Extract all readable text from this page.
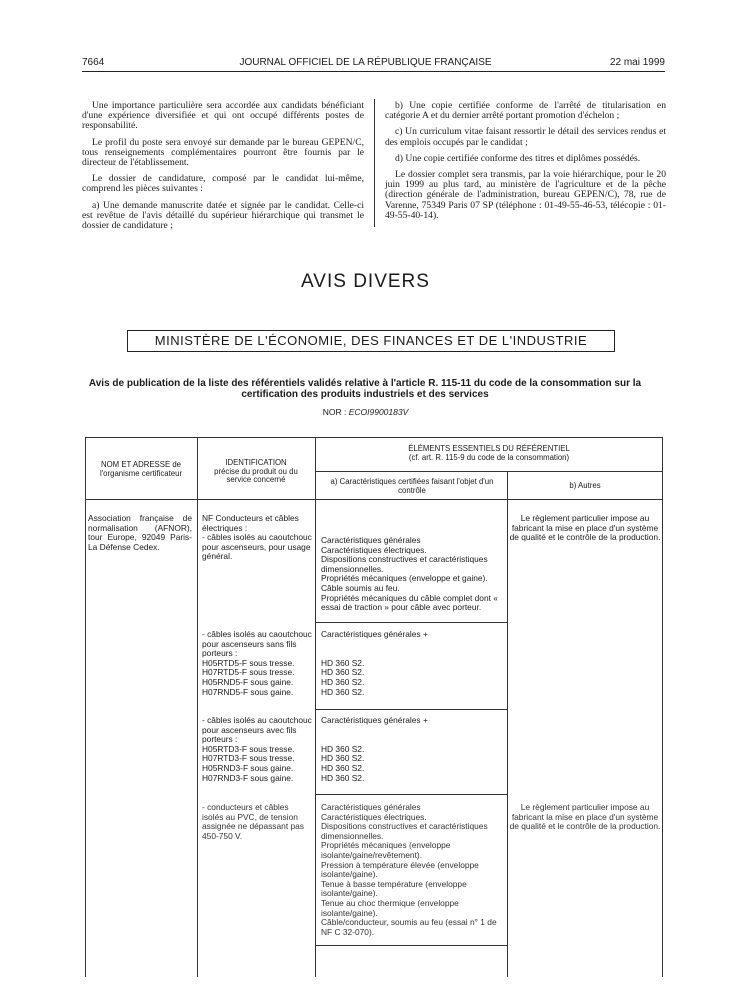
7664	JOURNAL OFFICIEL DE LA RÉPUBLIQUE FRANÇAISE	22 mai 1999

Une importance particulière sera accordée aux candidats bénéficiant d'une expérience diversifiée et qui ont occupé différents postes de responsabilité.

Le profil du poste sera envoyé sur demande par le bureau GEPEN/C, tous renseignements complémentaires pourront être fournis par le directeur de l'établissement.

Le dossier de candidature, composé par le candidat lui-même, comprend les pièces suivantes :

a) Une demande manuscrite datée et signée par le candidat. Celle-ci est revêtue de l'avis détaillé du supérieur hiérarchique qui transmet le dossier de candidature ;

b) Une copie certifiée conforme de l'arrêté de titularisation en catégorie A et du dernier arrêté portant promotion d'échelon ;

c) Un curriculum vitae faisant ressortir le détail des services rendus et des emplois occupés par le candidat ;

d) Une copie certifiée conforme des titres et diplômes possédés.

Le dossier complet sera transmis, par la voie hiérarchique, pour le 20 juin 1999 au plus tard, au ministère de l'agriculture et de la pêche (direction générale de l'administration, bureau GEPEN/C), 78, rue de Varenne, 75349 Paris 07 SP (téléphone : 01-49-55-46-53, télécopie : 01-49-55-40-14).

AVIS DIVERS
MINISTÈRE DE L'ÉCONOMIE, DES FINANCES ET DE L'INDUSTRIE
Avis de publication de la liste des référentiels validés relative à l'article R. 115-11 du code de la consommation sur la certification des produits industriels et des services
NOR : ECOI9900183V
NOM ET ADRESSE de l'organisme certificateur
IDENTIFICATION
précise du produit ou du service concerné
ÉLÉMENTS ESSENTIELS DU RÉFÉRENTIEL
(cf. art. R. 115-9 du code de la consommation)
a) Caractéristiques certifiées faisant l'objet d'un contrôle
b) Autres
Association française de normalisation (AFNOR), tour Europe, 92049 Paris-La Défense Cedex.
Le règlement particulier impose au fabricant la mise en place d'un système de qualité et le contrôle de la production.
Le règlement particulier impose au fabricant la mise en place d'un système de qualité et le contrôle de la production.
NF Conducteurs et câbles électriques :
- câbles isolés au caoutchouc pour ascenseurs, pour usage général.
Caractéristiques générales
Caractéristiques électriques.
Dispositions constructives et caractéristiques dimensionnelles.
Propriétés mécaniques (enveloppe et gaine).
Câble soumis au feu.
Propriétés mécaniques du câble complet dont « essai de traction » pour câble avec porteur.
- câbles isolés au caoutchouc pour ascenseurs sans fils porteurs :
H05RTD5-F sous tresse.
H07RTD5-F sous tresse.
H05RND5-F sous gaine.
H07RND5-F sous gaine.
Caractéristiques générales +
HD 360 S2.
HD 360 S2.
HD 360 S2.
HD 360 S2.
- câbles isolés au caoutchouc pour ascenseurs avec fils porteurs :
H05RTD3-F sous tresse.
H07RTD3-F sous tresse.
H05RND3-F sous gaine.
H07RND3-F sous gaine.
Caractéristiques générales +
HD 360 S2.
HD 360 S2.
HD 360 S2.
HD 360 S2.
- conducteurs et câbles isolés au PVC, de tension assignée ne dépassant pas 450-750 V.
Caractéristiques générales
Caractéristiques électriques.
Dispositions constructives et caractéristiques dimensionnelles.
Propriétés mécaniques (enveloppe isolante/gaine/revêtement).
Pression à température élevée (enveloppe isolante/gaine).
Tenue à basse température (enveloppe isolante/gaine).
Tenue au choc thermique (enveloppe isolante/gaine).
Câble/conducteur, soumis au feu (essai n° 1 de NF C 32-070).
